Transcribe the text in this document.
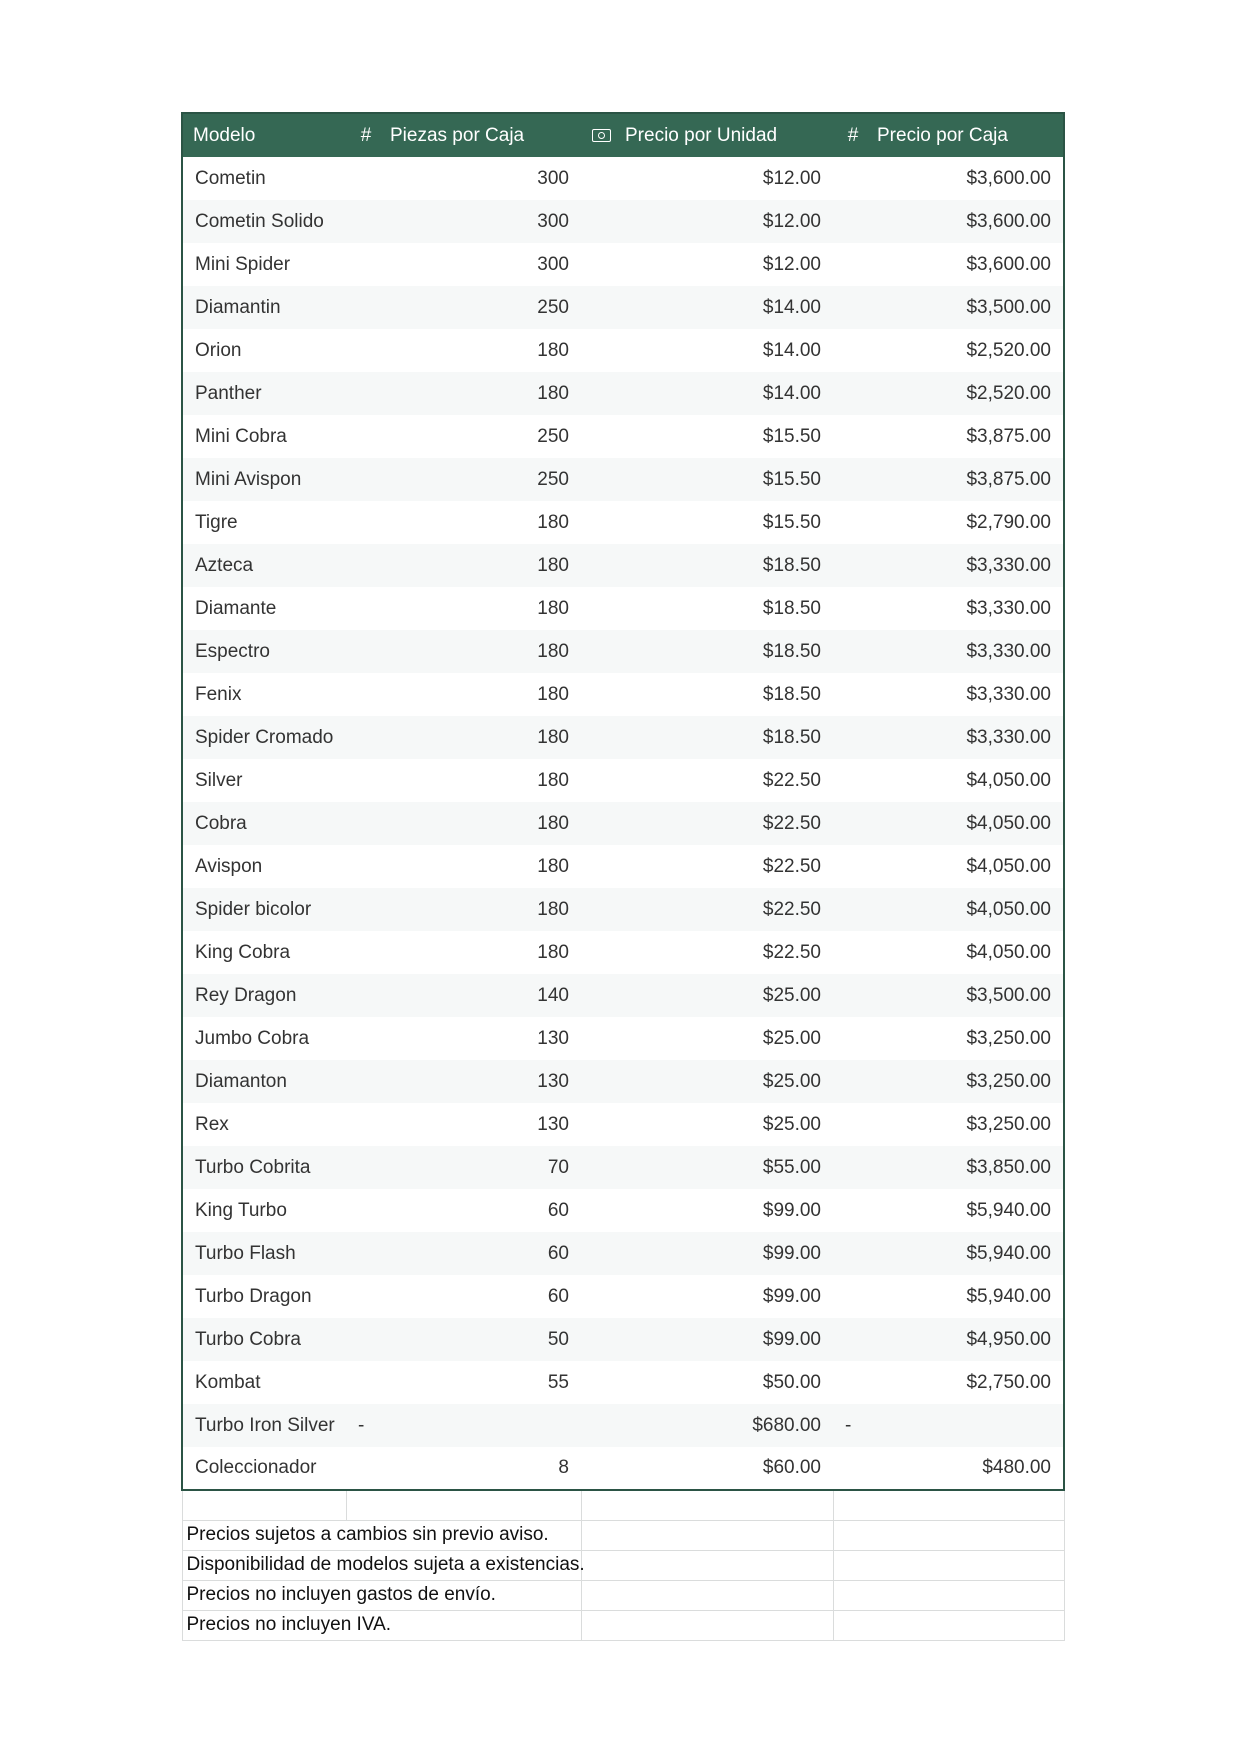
Modelo	# Piezas por Caja	Precio por Unidad	# Precio por Caja
Cometin	300	$12.00	$3,600.00
Cometin Solido	300	$12.00	$3,600.00
Mini Spider	300	$12.00	$3,600.00
Diamantin	250	$14.00	$3,500.00
Orion	180	$14.00	$2,520.00
Panther	180	$14.00	$2,520.00
Mini Cobra	250	$15.50	$3,875.00
Mini Avispon	250	$15.50	$3,875.00
Tigre	180	$15.50	$2,790.00
Azteca	180	$18.50	$3,330.00
Diamante	180	$18.50	$3,330.00
Espectro	180	$18.50	$3,330.00
Fenix	180	$18.50	$3,330.00
Spider Cromado	180	$18.50	$3,330.00
Silver	180	$22.50	$4,050.00
Cobra	180	$22.50	$4,050.00
Avispon	180	$22.50	$4,050.00
Spider bicolor	180	$22.50	$4,050.00
King Cobra	180	$22.50	$4,050.00
Rey Dragon	140	$25.00	$3,500.00
Jumbo Cobra	130	$25.00	$3,250.00
Diamanton	130	$25.00	$3,250.00
Rex	130	$25.00	$3,250.00
Turbo Cobrita	70	$55.00	$3,850.00
King Turbo	60	$99.00	$5,940.00
Turbo Flash	60	$99.00	$5,940.00
Turbo Dragon	60	$99.00	$5,940.00
Turbo Cobra	50	$99.00	$4,950.00
Kombat	55	$50.00	$2,750.00
Turbo Iron Silver	-	$680.00	-
Coleccionador	8	$60.00	$480.00

Precios sujetos a cambios sin previo aviso.			
Disponibilidad de modelos sujeta a existencias.			
Precios no incluyen gastos de envío.			
Precios no incluyen IVA.			
